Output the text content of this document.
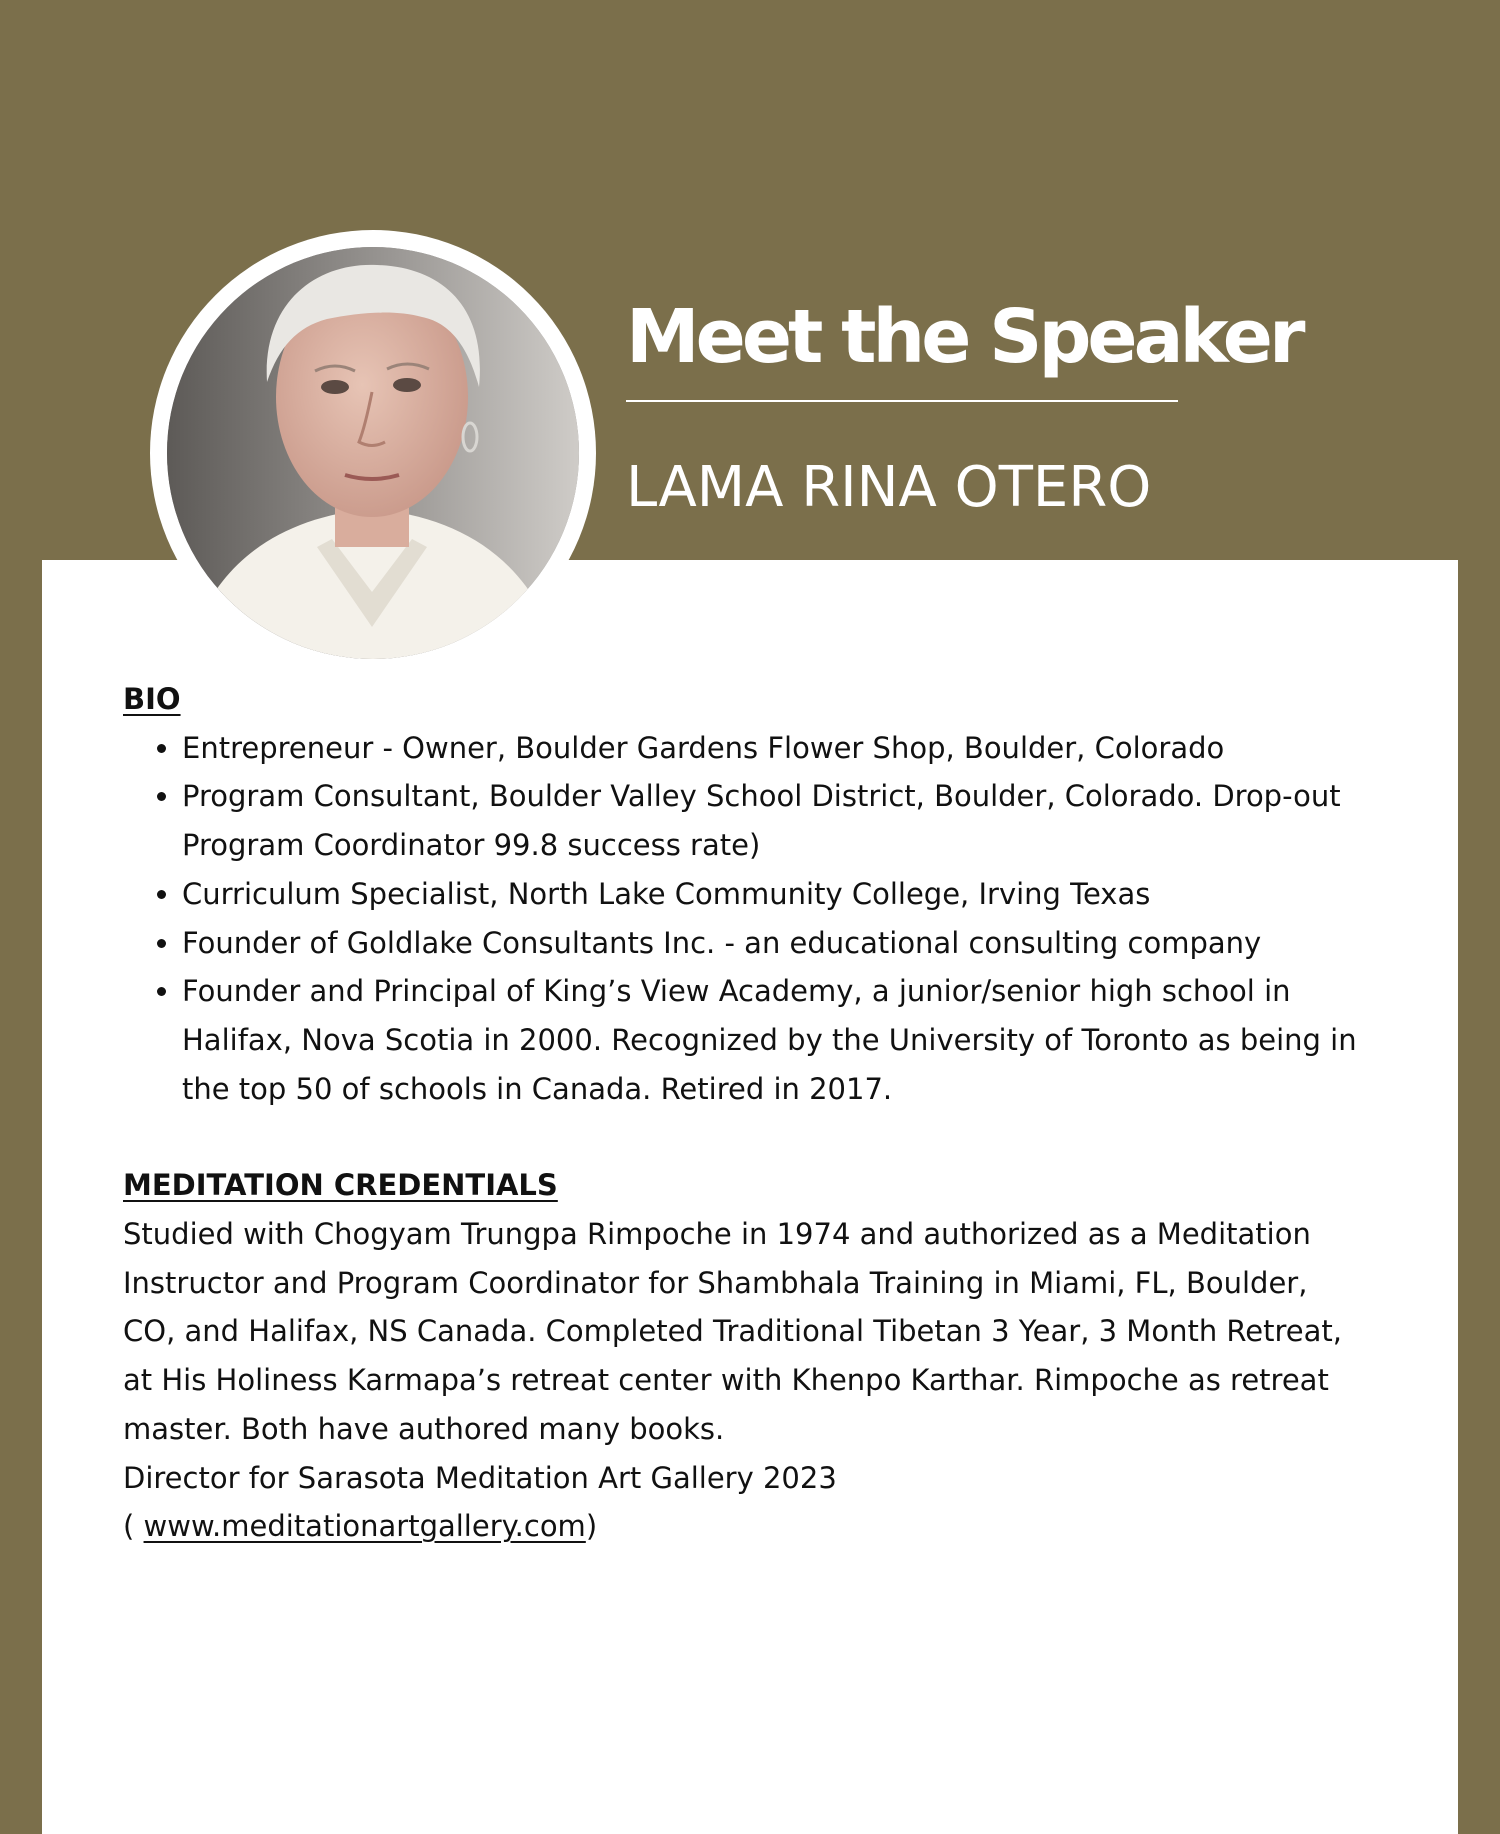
Meet the Speaker
LAMA RINA OTERO
BIO
• Entrepreneur - Owner, Boulder Gardens Flower Shop, Boulder, Colorado
• Program Consultant, Boulder Valley School District, Boulder, Colorado. Drop-out Program Coordinator 99.8 success rate)
• Curriculum Specialist, North Lake Community College, Irving Texas
• Founder of Goldlake Consultants Inc. - an educational consulting company
• Founder and Principal of King’s View Academy, a junior/senior high school in Halifax, Nova Scotia in 2000. Recognized by the University of Toronto as being in the top 50 of schools in Canada. Retired in 2017.
MEDITATION CREDENTIALS

Studied with Chogyam Trungpa Rimpoche in 1974 and authorized as a Meditation Instructor and Program Coordinator for Shambhala Training in Miami, FL, Boulder, CO, and Halifax, NS Canada. Completed Traditional Tibetan 3 Year, 3 Month Retreat, at His Holiness Karmapa’s retreat center with Khenpo Karthar. Rimpoche as retreat master. Both have authored many books.

Director for Sarasota Meditation Art Gallery 2023

( www.meditationartgallery.com)
